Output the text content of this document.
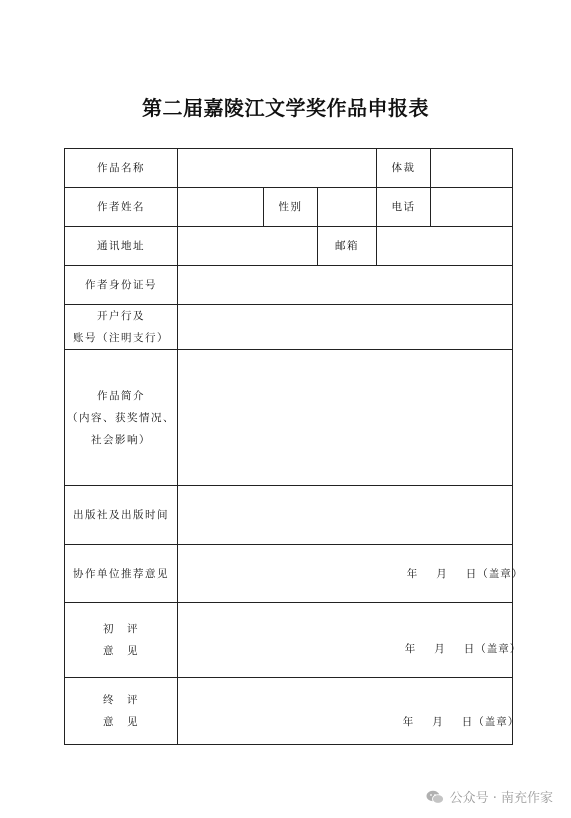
第二届嘉陵江文学奖作品申报表
作品名称				体裁	
作者姓名		性别		电话	
通讯地址			邮箱		
作者身份证号					

开户行及
账号（注明支行）					

作品简介
（内容、获奖情况、
社会影响）					

出版社及出版时间					
协作单位推荐意见	年 月 日（盖章）				

初　评
意　见	年 月 日（盖章）				

终　评
意　见	年 月 日（盖章）				

公众号 · 南充作家
